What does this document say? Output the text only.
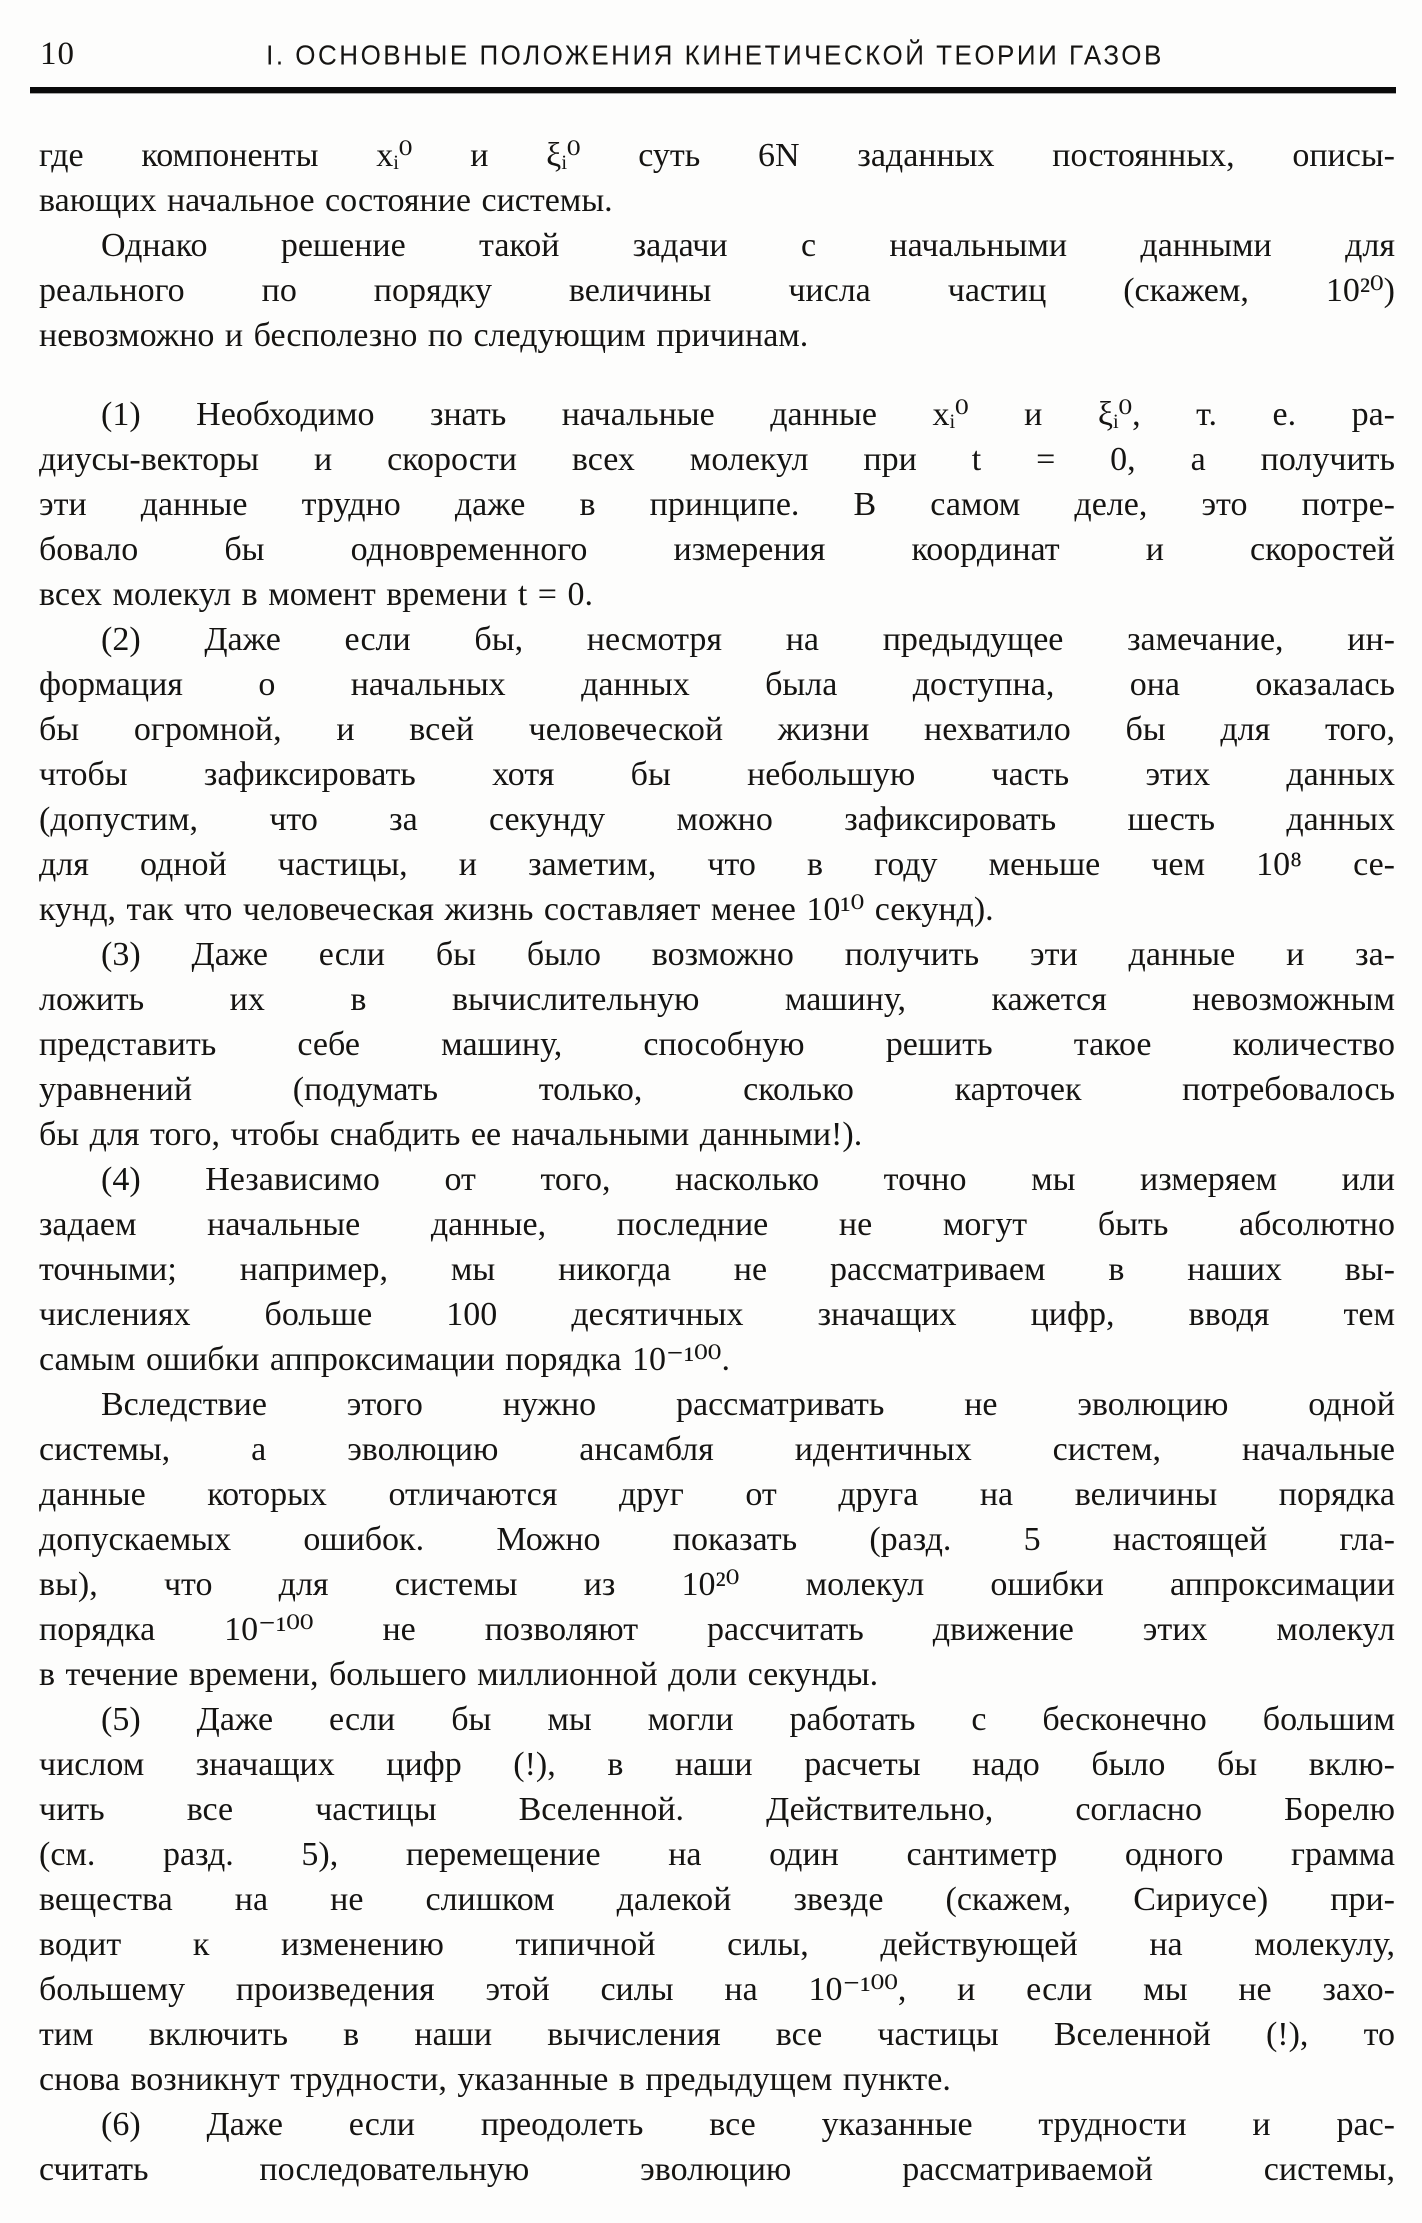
10	I. ОСНОВНЫЕ ПОЛОЖЕНИЯ КИНЕТИЧЕСКОЙ ТЕОРИИ ГАЗОВ
где компоненты xᵢ⁰ и ξᵢ⁰ суть 6N заданных постоянных, описы-
вающих начальное состояние системы.
Однако решение такой задачи с начальными данными для
реального по порядку величины числа частиц (скажем, 10²⁰)
невозможно и бесполезно по следующим причинам.
(1) Необходимо знать начальные данные xᵢ⁰ и ξᵢ⁰, т. е. ра-
диусы-векторы и скорости всех молекул при t = 0, а получить
эти данные трудно даже в принципе. В самом деле, это потре-
бовало бы одновременного измерения координат и скоростей
всех молекул в момент времени t = 0.
(2) Даже если бы, несмотря на предыдущее замечание, ин-
формация о начальных данных была доступна, она оказалась
бы огромной, и всей человеческой жизни нехватило бы для того,
чтобы зафиксировать хотя бы небольшую часть этих данных
(допустим, что за секунду можно зафиксировать шесть данных
для одной частицы, и заметим, что в году меньше чем 10⁸ се-
кунд, так что человеческая жизнь составляет менее 10¹⁰ секунд).
(3) Даже если бы было возможно получить эти данные и за-
ложить их в вычислительную машину, кажется невозможным
представить себе машину, способную решить такое количество
уравнений (подумать только, сколько карточек потребовалось
бы для того, чтобы снабдить ее начальными данными!).
(4) Независимо от того, насколько точно мы измеряем или
задаем начальные данные, последние не могут быть абсолютно
точными; например, мы никогда не рассматриваем в наших вы-
числениях больше 100 десятичных значащих цифр, вводя тем
самым ошибки аппроксимации порядка 10⁻¹⁰⁰.
Вследствие этого нужно рассматривать не эволюцию одной
системы, а эволюцию ансамбля идентичных систем, начальные
данные которых отличаются друг от друга на величины порядка
допускаемых ошибок. Можно показать (разд. 5 настоящей гла-
вы), что для системы из 10²⁰ молекул ошибки аппроксимации
порядка 10⁻¹⁰⁰ не позволяют рассчитать движение этих молекул
в течение времени, большего миллионной доли секунды.
(5) Даже если бы мы могли работать с бесконечно большим
числом значащих цифр (!), в наши расчеты надо было бы вклю-
чить все частицы Вселенной. Действительно, согласно Борелю
(см. разд. 5), перемещение на один сантиметр одного грамма
вещества на не слишком далекой звезде (скажем, Сириусе) при-
водит к изменению типичной силы, действующей на молекулу,
большему произведения этой силы на 10⁻¹⁰⁰, и если мы не захо-
тим включить в наши вычисления все частицы Вселенной (!), то
снова возникнут трудности, указанные в предыдущем пункте.
(6) Даже если преодолеть все указанные трудности и рас-
считать последовательную эволюцию рассматриваемой системы,
